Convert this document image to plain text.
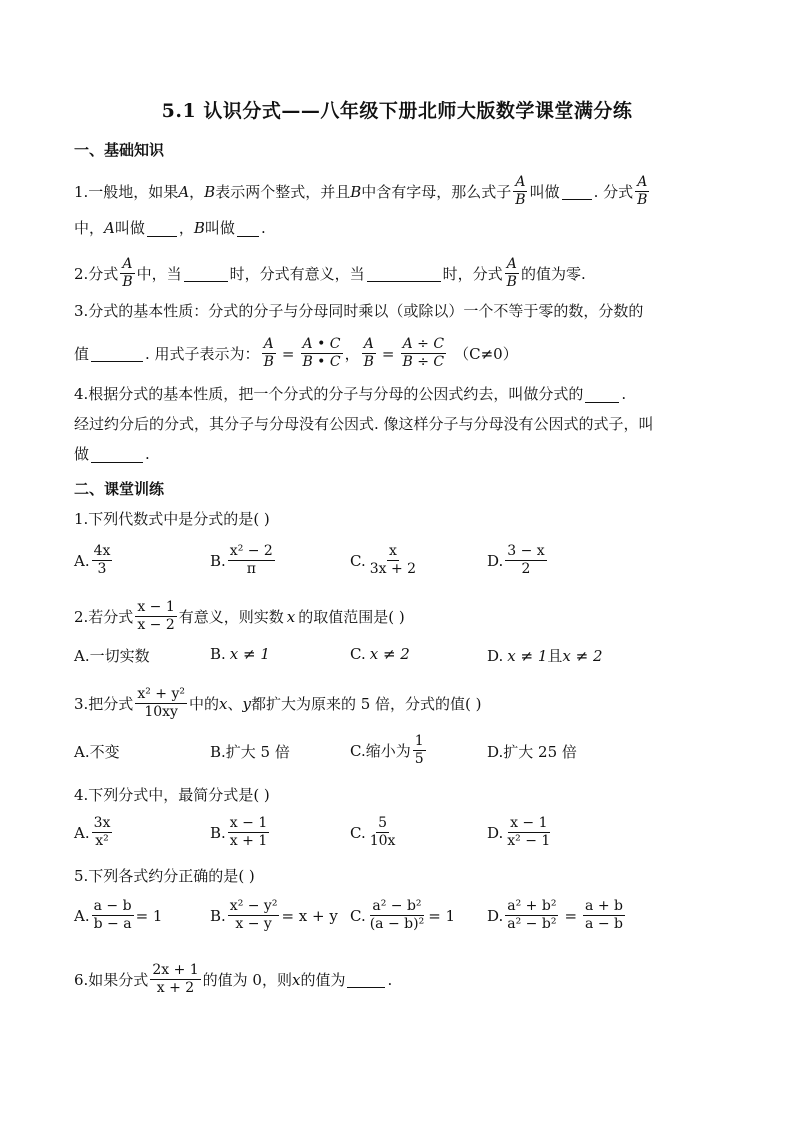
5.1 认识分式——八年级下册北师大版数学课堂满分练
一、基础知识
1.一般地，如果 A ， B 表示两个整式，并且 B 中含有字母，那么式子 $\frac{A}{B}$ 叫做 . 分式 $\frac{A}{B}$
中， A 叫做 ， B 叫做 .
2.分式 $\frac{A}{B}$ 中，当	时，分式有意义，当	时，分式 $\frac{A}{B}$ 的值为零.
3.分式的基本性质：分式的分子与分母同时乘以（或除以）一个不等于零的数，分数的
值	. 用式子表示为： $\frac{A}{B} = \frac{A • C}{B • C}$ ， $\frac{A}{B} = \frac{A \div C}{B \div C} (C\ne 0)$
4.根据分式的基本性质，把一个分式的分子与分母的公因式约去，叫做分式的	.
经过约分后的分式，其分子与分母没有公因式. 像这样分子与分母没有公因式的式子，叫
做	.
二、课堂训练
1.下列代数式中是分式的是( )
A. $\frac{4x}{3}$	B. $\frac{\text{x² − 2}}{\pi}$	C. $\frac{x}{3x + 2}$	D. $\frac{3 - x}{2}$
2.若分式 $\frac{x - 1}{x - 2}$ 有意义，则实数 x 的取值范围是( )
A.一切实数	B. x ≠ 1	C. x ≠ 2	D. x ≠ 1 且 x ≠ 2
3.把分式 $\frac{\text{x² + y²}}{10xy}$ 中的 x 、 y 都扩大为原来的 5 倍，分式的值( )
A.不变	B.扩大 5 倍	C.缩小为 $\frac{1}{5}$	D.扩大 25 倍
4.下列分式中，最简分式是( )
A. $\frac{3x}{\text{x²}}$	B. $\frac{x - 1}{x + 1}$	C. $\frac{5}{10x}$	D. $\frac{x - 1}{\text{x² − 1}}$
5.下列各式约分正确的是( )
A. $\frac{a - b}{b - a} = 1$	B. $\frac{\text{x² − y²}}{x - y} = x + y$ C. $\frac{\text{a² − b²}}{\text{(a − b)²}} = 1$ D. $\frac{\text{a² + b²}}{\text{a² − b²}} = \frac{a + b}{a - b}$
6.如果分式 $\frac{2x + 1}{x + 2}$ 的值为 0，则 x 的值为	.
